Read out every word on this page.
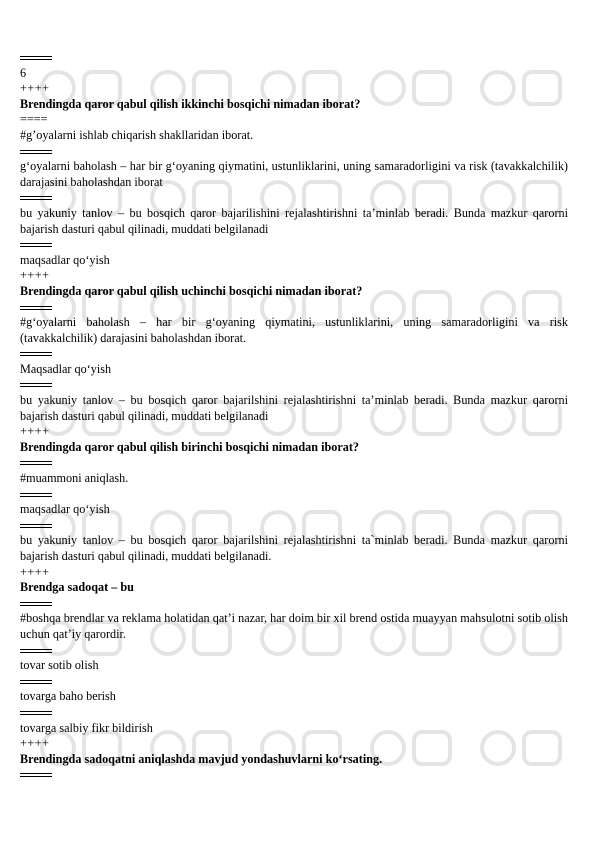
6
++++
Brendingda qaror qabul qilish ikkinchi bosqichi nimadan iborat?
====
#g’oyalarni ishlab chiqarish shakllaridan iborat.
g‘oyalarni baholash – har bir g‘oyaning qiymatini, ustunliklarini, uning samaradorligini va risk (tavakkalchilik) darajasini baholashdan iborat
bu yakuniy tanlov – bu bosqich qaror bajarilishini rejalashtirishni ta’minlab beradi. Bunda mazkur qarorni bajarish dasturi qabul qilinadi, muddati belgilanadi
maqsadlar qo‘yish
++++
Brendingda qaror qabul qilish uchinchi bosqichi nimadan iborat?
#g‘oyalarni baholash – har bir g‘oyaning qiymatini, ustunliklarini, uning samaradorligini va risk (tavakkalchilik) darajasini baholashdan iborat.
Maqsadlar qo‘yish
bu yakuniy tanlov – bu bosqich qaror bajarilshini rejalashtirishni ta’minlab beradi. Bunda mazkur qarorni bajarish dasturi qabul qilinadi, muddati belgilanadi
++++
Brendingda qaror qabul qilish birinchi bosqichi nimadan iborat?
#muammoni aniqlash.
maqsadlar qo‘yish
bu yakuniy tanlov – bu bosqich qaror bajarilshini rejalashtirishni ta`minlab beradi. Bunda mazkur qarorni bajarish dasturi qabul qilinadi, muddati belgilanadi.
++++
Brendga sadoqat – bu
#boshqa brendlar va reklama holatidan qat’i nazar, har doim bir xil brend ostida muayyan mahsulotni sotib olish uchun qat’iy qarordir.
tovar sotib olish
tovarga baho berish
tovarga salbiy fikr bildirish
++++
Brendingda sadoqatni aniqlashda mavjud yondashuvlarni ko‘rsating.
